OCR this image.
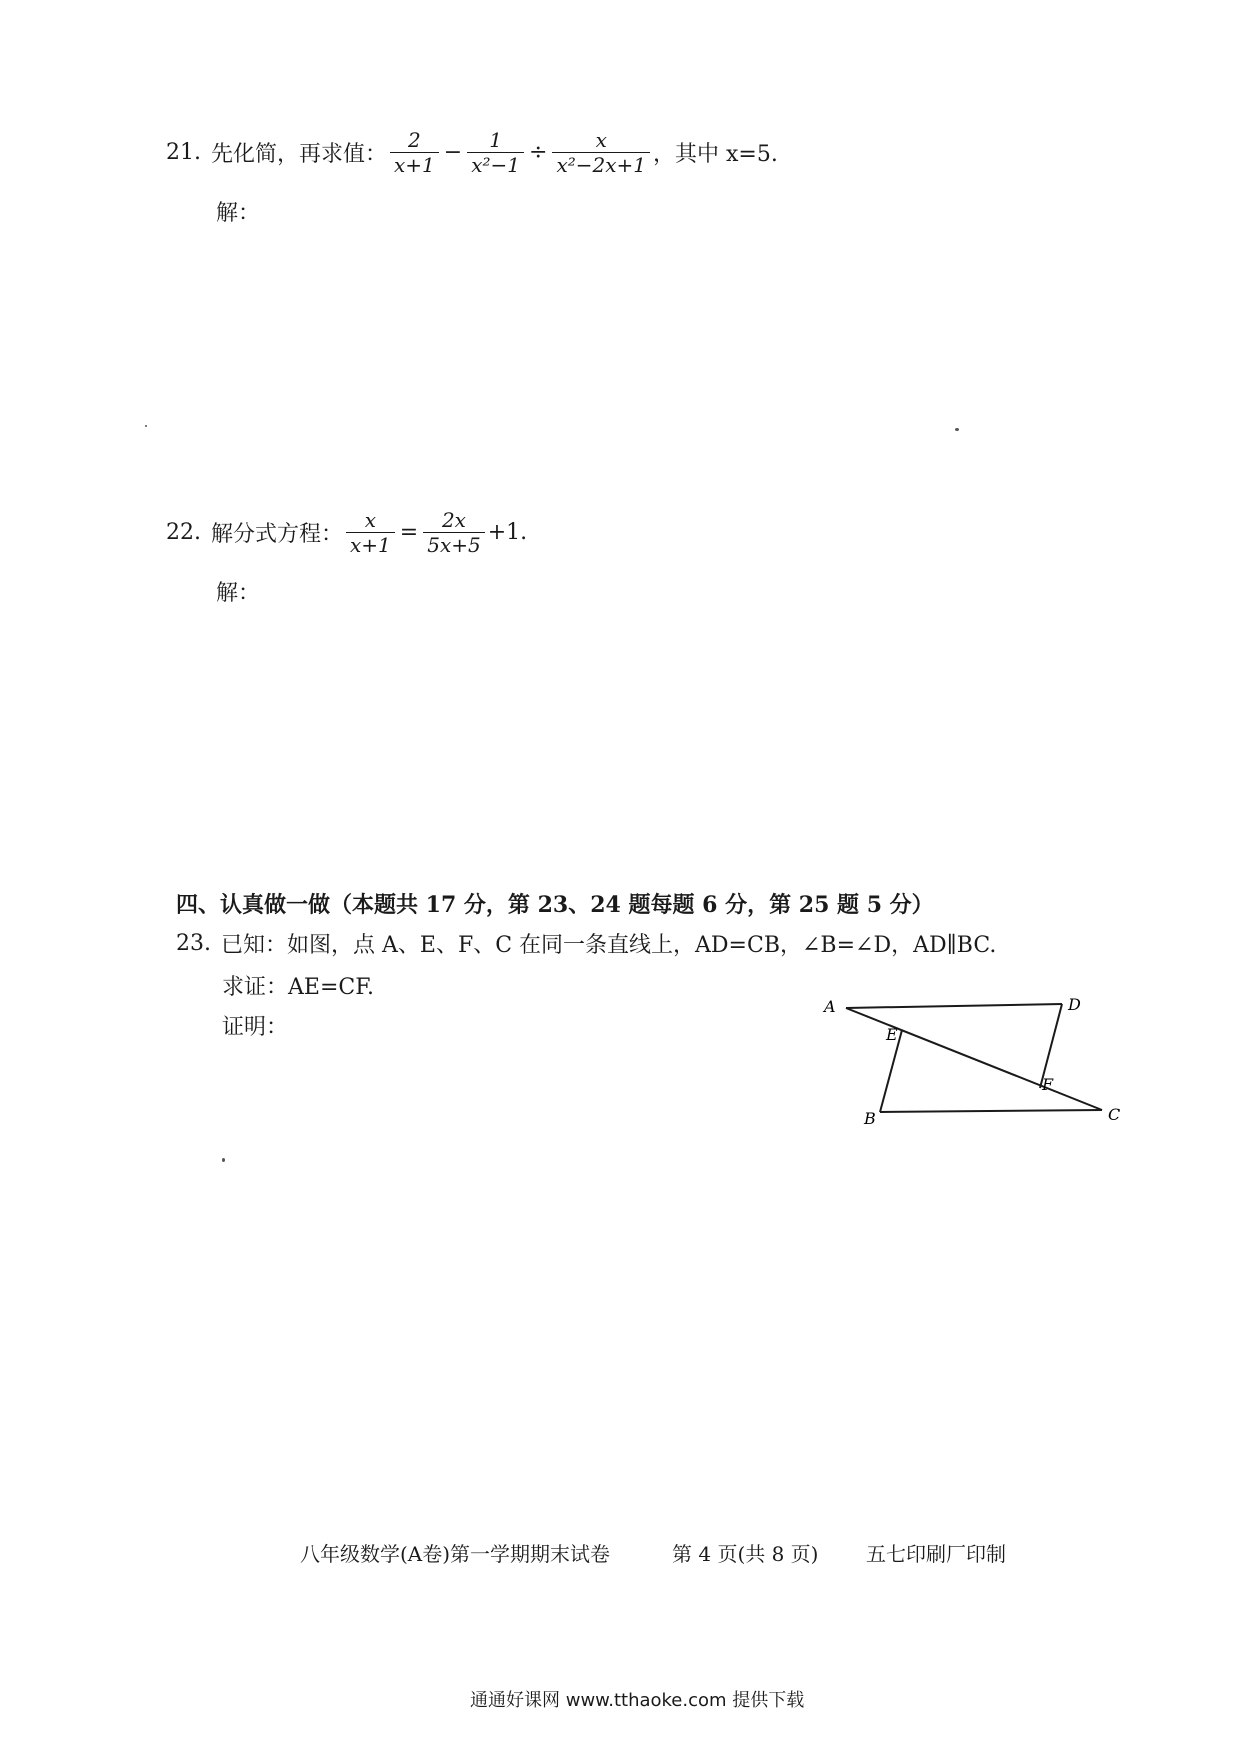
21. 先化简，再求值： $\frac{2}{x+1} - \frac{1}{\text{x²−1}} \div \frac{x}{\text{x²−2x+1}}$ ，其中 x=5.
解：
22. 解分式方程： $\frac{x}{x+1} = \frac{2x}{5x+5} +1$.
解：
四、认真做一做（本题共 17 分，第 23、24 题每题 6 分，第 25 题 5 分）
23. 已知：如图，点 A、E、F、C 在同一条直线上，AD=CB，∠B=∠D，AD∥BC.
求证：AE=CF.
证明：
A	D
E
F
B	C
八年级数学(A卷)第一学期期末试卷	第 4 页(共 8 页) 五七印刷厂印制
通通好课网 www.tthaoke.com 提供下载
